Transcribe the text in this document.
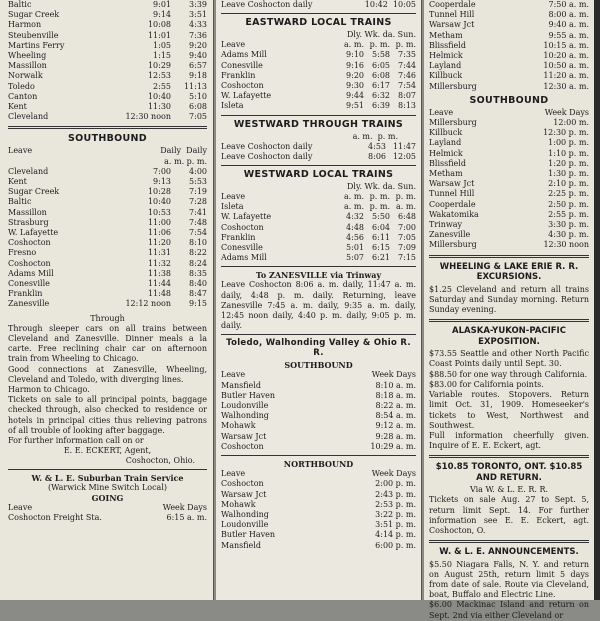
Baltic	9:01 3:39
Sugar Creek	9:14 3:51
Harmon	10:08 4:33
Steubenville	11:01 7:36
Martins Ferry	1:05 9:20
Wheeling	1:15 9:40
Massillon	10:29 6:57
Norwalk	12:53 9:18
Toledo	2:55 11:13
Canton	10:40 5:10
Kent	11:30 6:08
Cleveland	12:30 noon 7:05
SOUTHBOUND
Leave	Daily Daily
a. m. p. m.
Cleveland	7:00 4:00
Kent	9:13 5:53
Sugar Creek	10:28 7:19
Baltic	10:40 7:28
Massillon	10:53 7:41
Strasburg	11:00 7:48
W. Lafayette	11:06 7:54
Coshocton	11:20 8:10
Fresno	11:31 8:22
Coshocton	11:32 8:24
Adams Mill	11:38 8:35
Conesville	11:44 8:40
Franklin	11:48 8:47
Zanesville	12:12 noon 9:15
Through
Through sleeper cars on all trains between Cleveland and Zanesville. Dinner meals a la carte. Free reclining chair car on afternoon train from Wheeling to Chicago.
Good connections at Zanesville, Wheeling, Cleveland and Toledo, with diverging lines.
Harmon to Chicago.
Tickets on sale to all principal points, baggage checked through, also checked to residence or hotels in principal cities thus relieving patrons of all trouble of looking after baggage.
For further information call on or
E. E. ECKERT, Agent,
Coshocton, Ohio.
W. & L. E. Suburban Train Service
(Warwick Mine Switch Local)
GOING
Leave	Week Days
Coshocton Freight Sta.	6:15 a. m.
Leave Coshocton daily	10:42 10:05
EASTWARD LOCAL TRAINS
Dly. Wk. da. Sun.
Leave	a. m. p. m. p. m.
Adams Mill	9:10 5:58 7:35
Conesville	9:16 6:05 7:44
Franklin	9:20 6:08 7:46
Coshocton	9:30 6:17 7:54
W. Lafayette	9:44 6:32 8:07
Isleta	9:51 6:39 8:13
WESTWARD THROUGH TRAINS
a. m. p. m.
Leave Coshocton daily	4:53 11:47
Leave Coshocton daily	8:06 12:05
WESTWARD LOCAL TRAINS
Dly. Wk. da. Sun.
Leave	a. m. p. m. p. m.
Isleta	a. m. p. m. a. m.
W. Lafayette	4:32 5:50 6:48
Coshocton	4:48 6:04 7:00
Franklin	4:56 6:11 7:05
Conesville	5:01 6:15 7:09
Adams Mill	5:07 6:21 7:15
To ZANESVILLE via Trinway
Leave Coshocton 8:06 a. m. daily, 11:47 a. m. daily, 4:48 p. m. daily. Returning, leave Zanesville 7:45 a. m. daily, 9:35 a. m. daily, 12:45 noon daily, 4:40 p. m. daily, 9:05 p. m. daily.
Toledo, Walhonding Valley & Ohio R. R.
SOUTHBOUND
Leave	Week Days
Mansfield	8:10 a. m.
Butler Haven	8:18 a. m.
Loudonville	8:22 a. m.
Walhonding	8:54 a. m.
Mohawk	9:12 a. m.
Warsaw Jct	9:28 a. m.
Coshocton	10:29 a. m.
NORTHBOUND
Leave	Week Days
Coshocton	2:00 p. m.
Warsaw Jct	2:43 p. m.
Mohawk	2:53 p. m.
Walhonding	3:22 p. m.
Loudonville	3:51 p. m.
Butler Haven	4:14 p. m.
Mansfield	6:00 p. m.
Cooperdale	7:50 a. m.
Tunnel Hill	8:00 a. m.
Warsaw Jct	9:40 a. m.
Metham	9:55 a. m.
Blissfield	10:15 a. m.
Helmick	10:20 a. m.
Layland	10:50 a. m.
Killbuck	11:20 a. m.
Millersburg	12:30 a. m.
SOUTHBOUND
Leave	Week Days
Millersburg	12:00 m.
Killbuck	12:30 p. m.
Layland	1:00 p. m.
Helmick	1:10 p. m.
Blissfield	1:20 p. m.
Metham	1:30 p. m.
Warsaw Jct	2:10 p. m.
Tunnel Hill	2:25 p. m.
Cooperdale	2:50 p. m.
Wakatomika	2:55 p. m.
Trinway	3:30 p. m.
Zanesville	4:30 p. m.
Millersburg	12:30 noon
WHEELING & LAKE ERIE R. R. EXCURSIONS.
$1.25 Cleveland and return all trains Saturday and Sunday morning. Return Sunday evening.
ALASKA-YUKON-PACIFIC EXPOSITION.
$73.55 Seattle and other North Pacific Coast Points daily until Sept. 30.
$88.50 for one way through California.
$83.00 for California points.
Variable routes. Stopovers. Return limit Oct. 31, 1909. Homeseeker's tickets to West, Northwest and Southwest.
Full information cheerfully given. Inquire of E. E. Eckert, agt.
$10.85 TORONTO, ONT. $10.85 AND RETURN.
Via W. & L. E. R. R.
Tickets on sale Aug. 27 to Sept. 5, return limit Sept. 14. For further information see E. E. Eckert, agt. Coshocton, O.
W. & L. E. ANNOUNCEMENTS.
$5.50 Niagara Falls, N. Y. and return on August 25th, return limit 5 days from date of sale. Route via Cleveland, boat, Buffalo and Electric Line.
$6.00 Mackinac Island and return on Sept. 2nd via either Cleveland or
